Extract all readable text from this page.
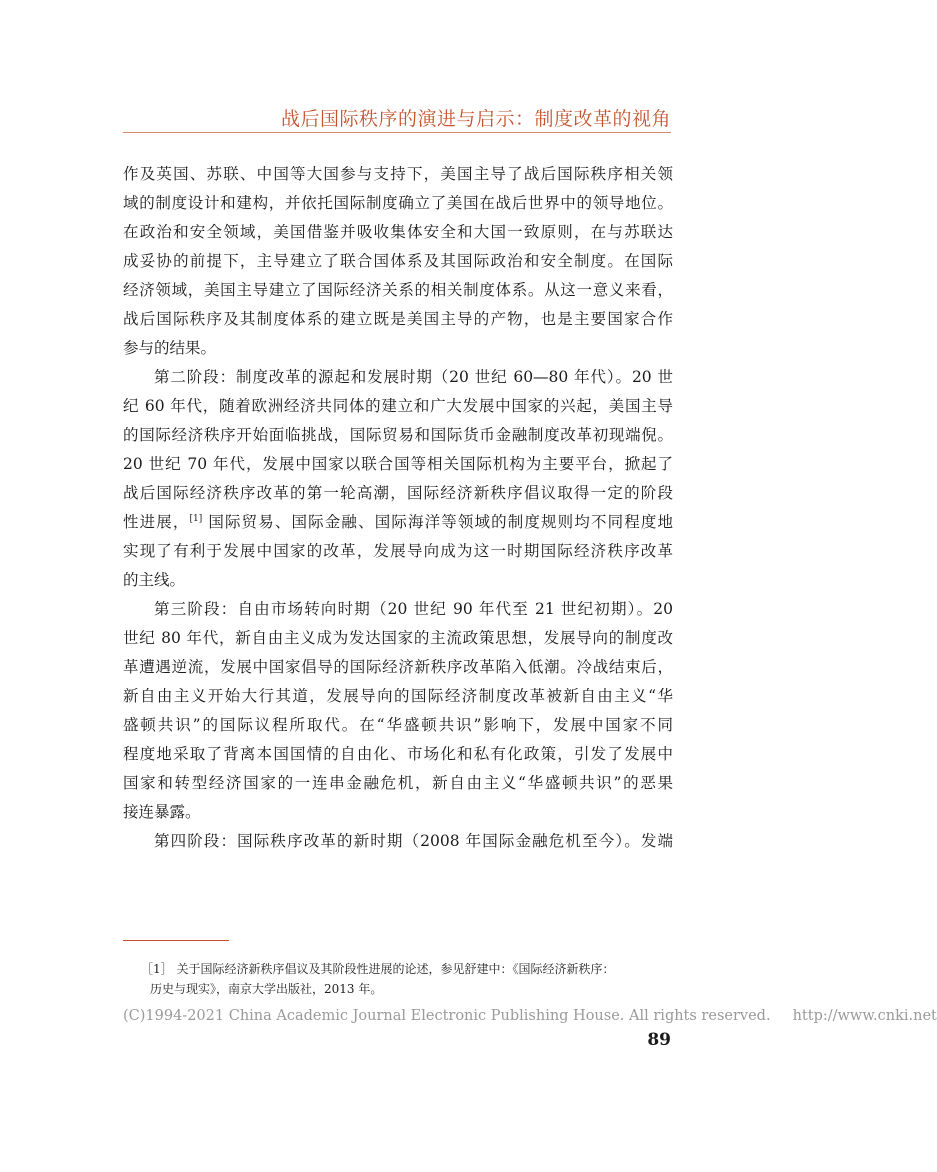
战后国际秩序的演进与启示：制度改革的视角
作及英国、苏联、中国等大国参与支持下，美国主导了战后国际秩序相关领
域的制度设计和建构，并依托国际制度确立了美国在战后世界中的领导地位。
在政治和安全领域，美国借鉴并吸收集体安全和大国一致原则，在与苏联达
成妥协的前提下，主导建立了联合国体系及其国际政治和安全制度。在国际
经济领域，美国主导建立了国际经济关系的相关制度体系。从这一意义来看，
战后国际秩序及其制度体系的建立既是美国主导的产物，也是主要国家合作
参与的结果。
第二阶段：制度改革的源起和发展时期（20 世纪 60—80 年代）。20 世
纪 60 年代，随着欧洲经济共同体的建立和广大发展中国家的兴起，美国主导
的国际经济秩序开始面临挑战，国际贸易和国际货币金融制度改革初现端倪。
20 世纪 70 年代，发展中国家以联合国等相关国际机构为主要平台，掀起了
战后国际经济秩序改革的第一轮高潮，国际经济新秩序倡议取得一定的阶段
性进展，[1] 国际贸易、国际金融、国际海洋等领域的制度规则均不同程度地
实现了有利于发展中国家的改革，发展导向成为这一时期国际经济秩序改革
的主线。
第三阶段：自由市场转向时期（20 世纪 90 年代至 21 世纪初期）。20
世纪 80 年代，新自由主义成为发达国家的主流政策思想，发展导向的制度改
革遭遇逆流，发展中国家倡导的国际经济新秩序改革陷入低潮。冷战结束后，
新自由主义开始大行其道，发展导向的国际经济制度改革被新自由主义“华
盛顿共识”的国际议程所取代。在“华盛顿共识”影响下，发展中国家不同
程度地采取了背离本国国情的自由化、市场化和私有化政策，引发了发展中
国家和转型经济国家的一连串金融危机，新自由主义“华盛顿共识”的恶果
接连暴露。
第四阶段：国际秩序改革的新时期（2008 年国际金融危机至今）。发端
［1］ 关于国际经济新秩序倡议及其阶段性进展的论述，参见舒建中：《国际经济新秩序：
历史与现实》，南京大学出版社，2013 年。
(C)1994-2021 China Academic Journal Electronic Publishing House. All rights reserved. http://www.cnki.net
89
